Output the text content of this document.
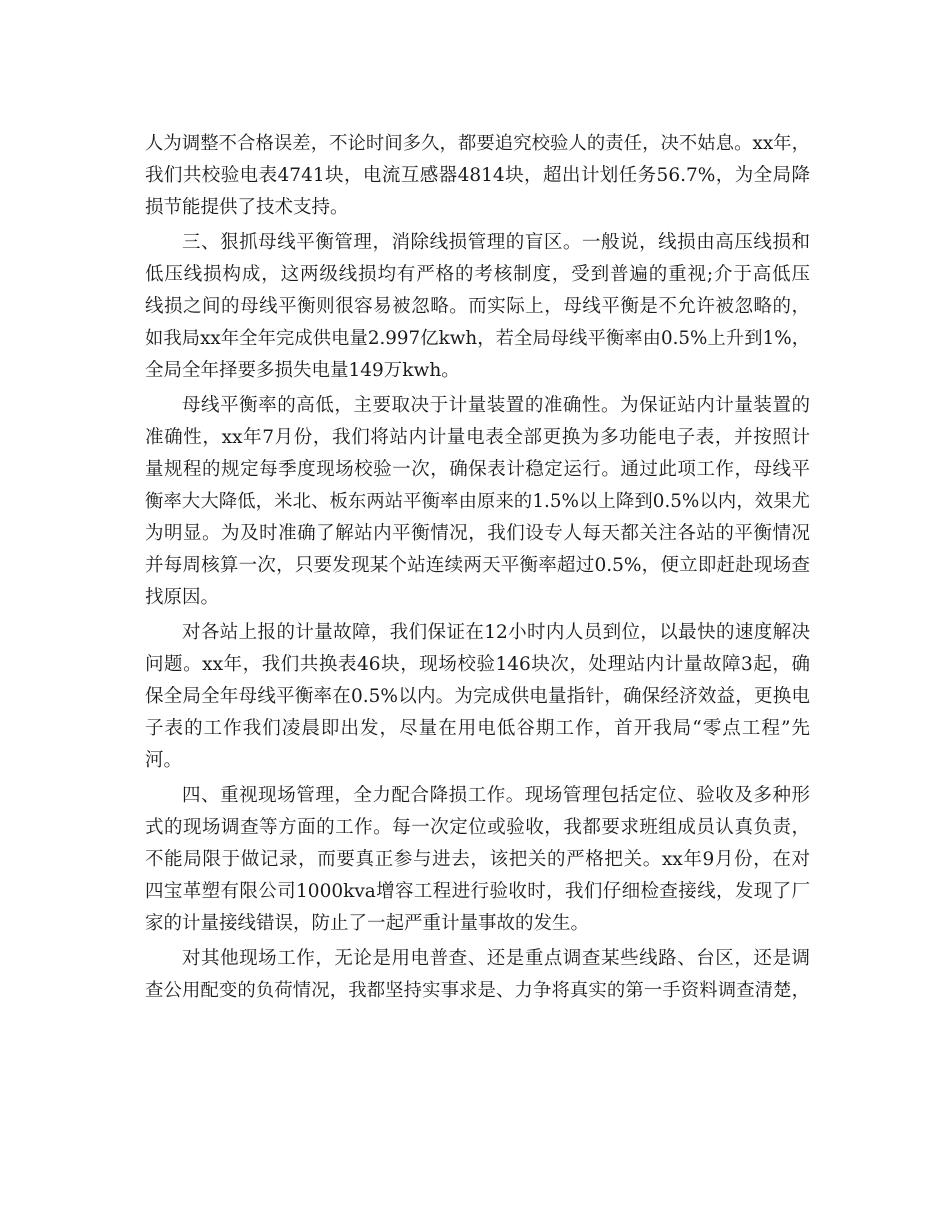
人为调整不合格误差，不论时间多久，都要追究校验人的责任，决不姑息。xx年，
我们共校验电表4741块，电流互感器4814块，超出计划任务56.7%，为全局降
损节能提供了技术支持。
三、狠抓母线平衡管理，消除线损管理的盲区。一般说，线损由高压线损和
低压线损构成，这两级线损均有严格的考核制度，受到普遍的重视;介于高低压
线损之间的母线平衡则很容易被忽略。而实际上，母线平衡是不允许被忽略的，
如我局xx年全年完成供电量2.997亿kwh，若全局母线平衡率由0.5%上升到1%，
全局全年择要多损失电量149万kwh。
母线平衡率的高低，主要取决于计量装置的准确性。为保证站内计量装置的
准确性，xx年7月份，我们将站内计量电表全部更换为多功能电子表，并按照计
量规程的规定每季度现场校验一次，确保表计稳定运行。通过此项工作，母线平
衡率大大降低，米北、板东两站平衡率由原来的1.5%以上降到0.5%以内，效果尤
为明显。为及时准确了解站内平衡情况，我们设专人每天都关注各站的平衡情况
并每周核算一次，只要发现某个站连续两天平衡率超过0.5%，便立即赶赴现场查
找原因。
对各站上报的计量故障，我们保证在12小时内人员到位，以最快的速度解决
问题。xx年，我们共换表46块，现场校验146块次，处理站内计量故障3起，确
保全局全年母线平衡率在0.5%以内。为完成供电量指针，确保经济效益，更换电
子表的工作我们凌晨即出发，尽量在用电低谷期工作，首开我局“零点工程”先
河。
四、重视现场管理，全力配合降损工作。现场管理包括定位、验收及多种形
式的现场调查等方面的工作。每一次定位或验收，我都要求班组成员认真负责，
不能局限于做记录，而要真正参与进去，该把关的严格把关。xx年9月份，在对
四宝革塑有限公司1000kva增容工程进行验收时，我们仔细检查接线，发现了厂
家的计量接线错误，防止了一起严重计量事故的发生。
对其他现场工作，无论是用电普查、还是重点调查某些线路、台区，还是调
查公用配变的负荷情况，我都坚持实事求是、力争将真实的第一手资料调查清楚，
